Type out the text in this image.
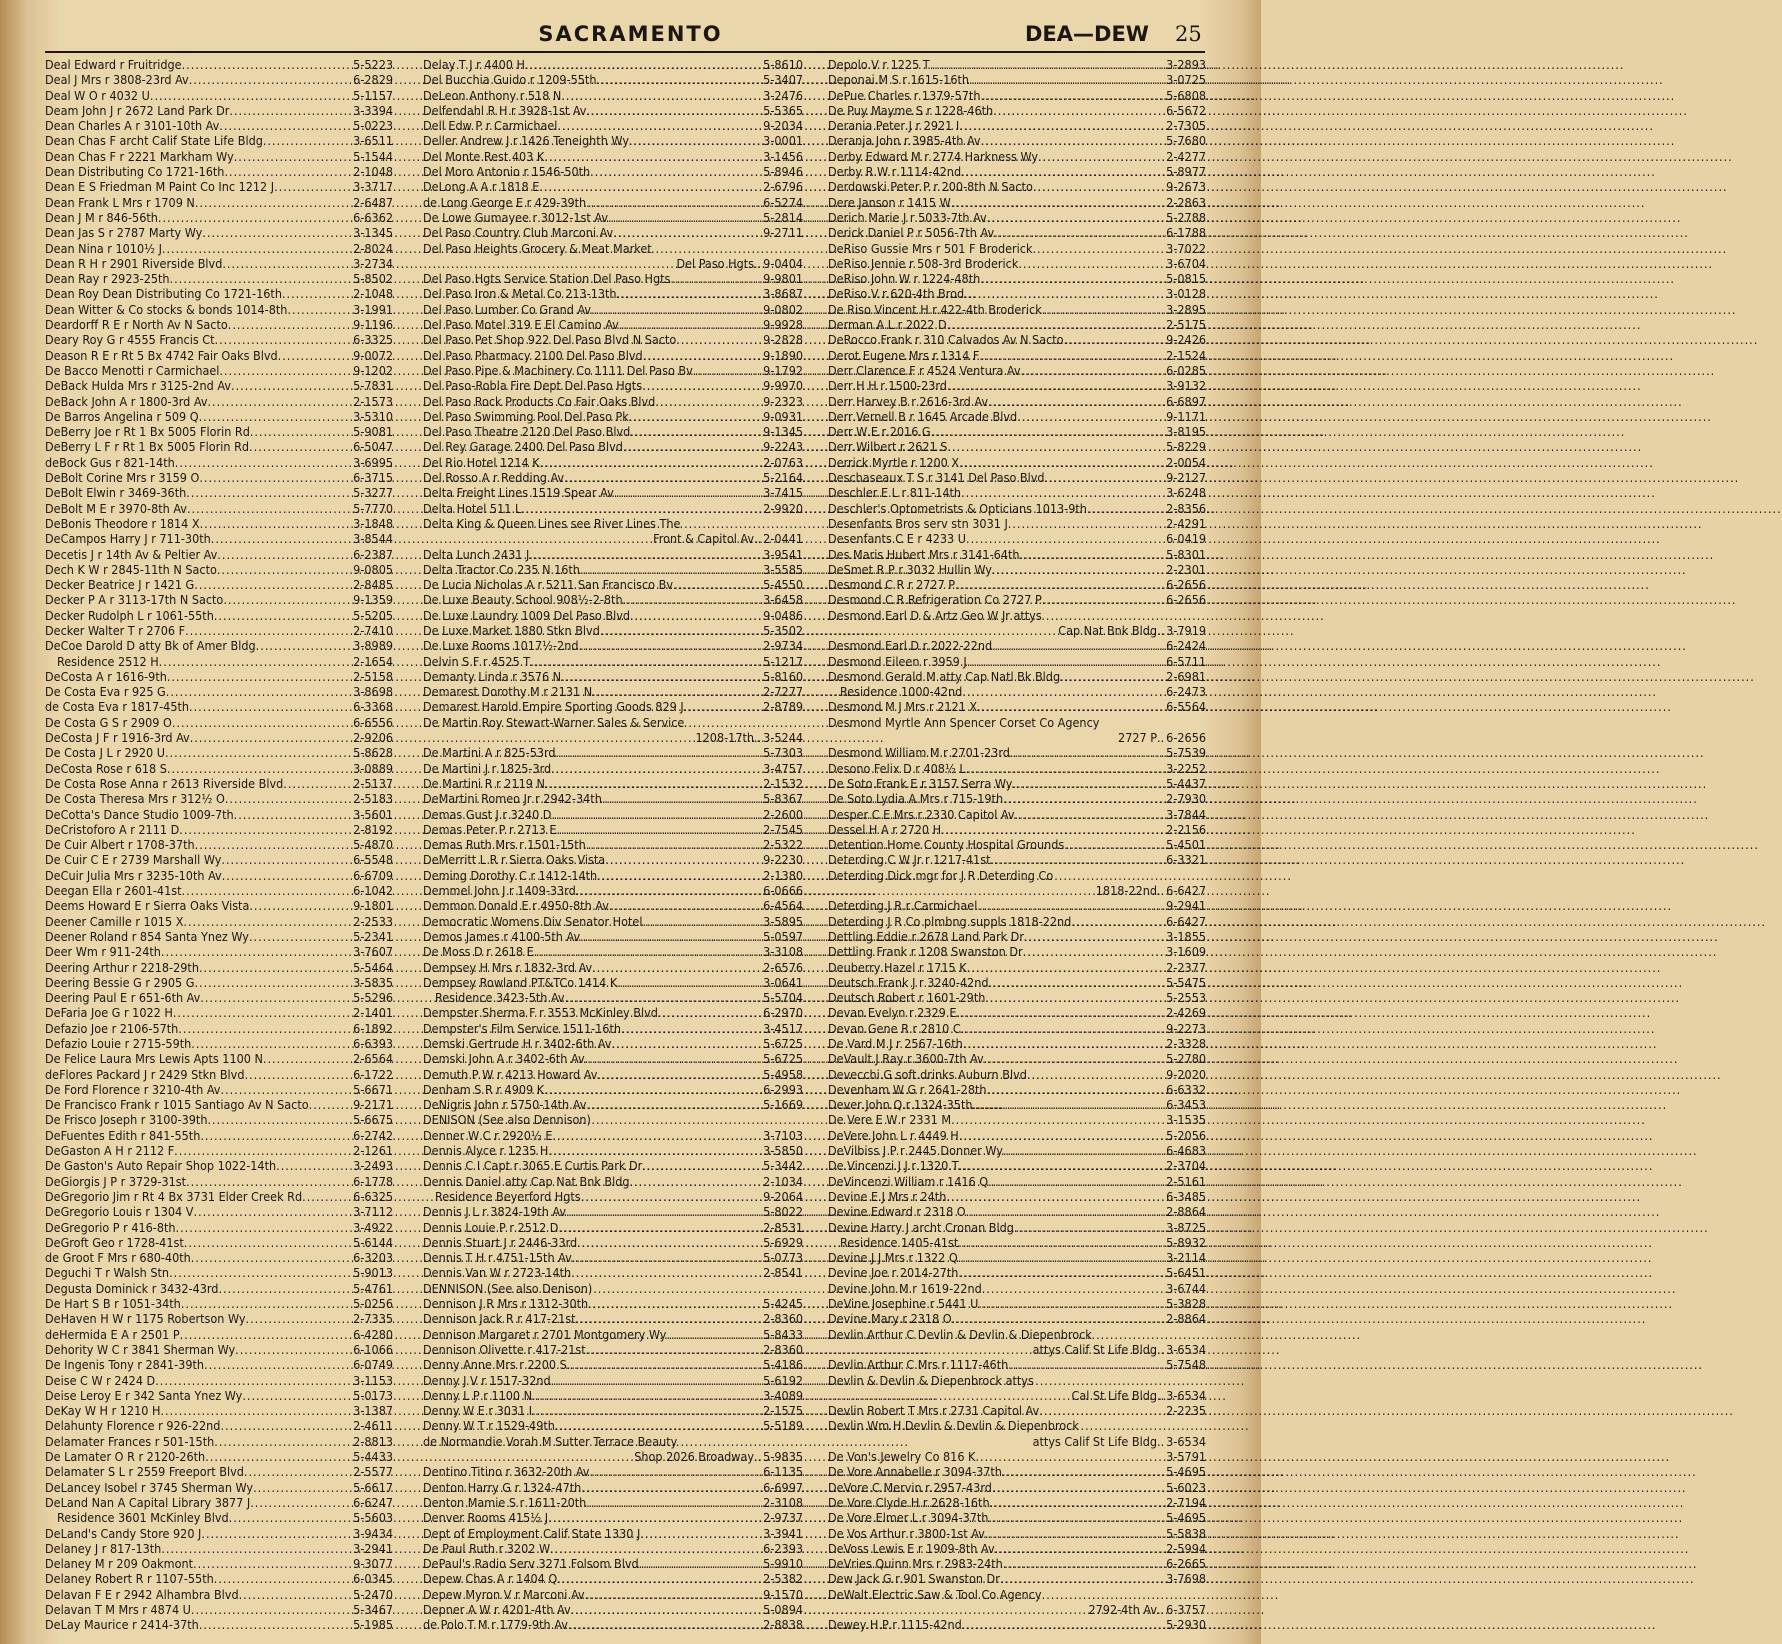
SACRAMENTO	DEA—DEW 25
Deal Edward r Fruitridge .....	5-5223
Deal J Mrs r 3808-23rd Av .....	6-2829
Deal W O r 4032 U .....	5-1157
Deam John J r 2672 Land Park Dr .....	3-3394
Dean Charles A r 3101-10th Av .....	5-0223
Dean Chas F archt Calif State Life Bldg .....	3-6511
Dean Chas F r 2221 Markham Wy .....	5-1544
Dean Distributing Co 1721-16th .....	2-1048
Dean E S Friedman M Paint Co Inc 1212 J .....	3-3717
Dean Frank L Mrs r 1709 N .....	2-6487
Dean J M r 846-56th .....	6-6362
Dean Jas S r 2787 Marty Wy .....	3-1345
Dean Nina r 1010½ J .....	2-8024
Dean R H r 2901 Riverside Blvd .....	3-2734
Dean Ray r 2923-25th .....	5-8502
Dean Roy Dean Distributing Co 1721-16th .....	2-1048
Dean Witter & Co stocks & bonds 1014-8th .....	3-1991
Deardorff R E r North Av N Sacto .....	9-1196
Deary Roy G r 4555 Francis Ct .....	6-3325
Deason R E r Rt 5 Bx 4742 Fair Oaks Blvd .....	9-0072
De Bacco Menotti r Carmichael .....	9-1202
DeBack Hulda Mrs r 3125-2nd Av .....	5-7831
DeBack John A r 1800-3rd Av .....	2-1573
De Barros Angelina r 509 Q .....	3-5310
DeBerry Joe r Rt 1 Bx 5005 Florin Rd .....	5-9081
DeBerry L F r Rt 1 Bx 5005 Florin Rd .....	6-5047
deBock Gus r 821-14th .....	3-6995
DeBolt Corine Mrs r 3159 O .....	6-3715
DeBolt Elwin r 3469-36th .....	5-3277
DeBolt M E r 3970-8th Av .....	5-7770
DeBonis Theodore r 1814 X .....	3-1848
DeCampos Harry J r 711-30th .....	3-8544
Decetis J r 14th Av & Peltier Av .....	6-2387
Dech K W r 2845-11th N Sacto .....	9-0805
Decker Beatrice J r 1421 G .....	2-8485
Decker P A r 3113-17th N Sacto .....	9-1359
Decker Rudolph L r 1061-55th .....	5-5205
Decker Walter T r 2706 F .....	2-7410
DeCoe Darold D atty Bk of Amer Bldg .....	3-8989
Residence 2512 H .....	2-1654
DeCosta A r 1616-9th .....	2-5158
De Costa Eva r 925 G .....	3-8698
de Costa Eva r 1817-45th .....	6-3368
De Costa G S r 2909 O .....	6-6556
DeCosta J F r 1916-3rd Av .....	2-9206
De Costa J L r 2920 U .....	5-8628
DeCosta Rose r 618 S .....	3-0889
De Costa Rose Anna r 2613 Riverside Blvd .....	2-5137
De Costa Theresa Mrs r 312½ O .....	2-5183
DeCotta's Dance Studio 1009-7th .....	3-5601
DeCristoforo A r 2111 D .....	2-8192
De Cuir Albert r 1708-37th .....	5-4870
De Cuir C E r 2739 Marshall Wy .....	6-5548
DeCuir Julia Mrs r 3235-10th Av .....	6-6709
Deegan Ella r 2601-41st .....	6-1042
Deems Howard E r Sierra Oaks Vista .....	9-1801
Deener Camille r 1015 X .....	2-2533
Deener Roland r 854 Santa Ynez Wy .....	5-2341
Deer Wm r 911-24th .....	3-7607
Deering Arthur r 2218-29th .....	5-5464
Deering Bessie G r 2905 G .....	3-5835
Deering Paul E r 651-6th Av .....	5-5296
DeFaria Joe G r 1022 H .....	2-1401
Defazio Joe r 2106-57th .....	6-1892
Defazio Louie r 2715-59th .....	6-6393
De Felice Laura Mrs Lewis Apts 1100 N .....	2-6564
deFlores Packard J r 2429 Stkn Blvd .....	6-1722
De Ford Florence r 3210-4th Av .....	5-6671
De Francisco Frank r 1015 Santiago Av N Sacto .....	9-2171
De Frisco Joseph r 3100-39th .....	5-6675
DeFuentes Edith r 841-55th .....	6-2742
DeGaston A H r 2112 F .....	2-1261
De Gaston's Auto Repair Shop 1022-14th .....	3-2493
DeGiorgis J P r 3729-31st .....	6-1778
DeGregorio Jim r Rt 4 Bx 3731 Elder Creek Rd .....	6-6325
DeGregorio Louis r 1304 V .....	3-7112
DeGregorio P r 416-8th .....	3-4922
DeGroft Geo r 1728-41st .....	5-6144
de Groot F Mrs r 680-40th .....	6-3203
Deguchi T r Walsh Stn .....	5-9013
Degusta Dominick r 3432-43rd .....	5-4761
De Hart S B r 1051-34th .....	5-0256
DeHaven H W r 1175 Robertson Wy .....	2-7335
deHermida E A r 2501 P .....	6-4280
Dehority W C r 3841 Sherman Wy .....	6-1066
De Ingenis Tony r 2841-39th .....	6-0749
Deise C W r 2424 D .....	3-1153
Deise Leroy E r 342 Santa Ynez Wy .....	5-0173
DeKay W H r 1210 H .....	3-1387
Delahunty Florence r 926-22nd .....	2-4611
Delamater Frances r 501-15th .....	2-8813
De Lamater O R r 2120-26th .....	5-4433
Delamater S L r 2559 Freeport Blvd .....	2-5577
DeLancey Isobel r 3745 Sherman Wy .....	5-6617
DeLand Nan A Capital Library 3877 J .....	6-6247
Residence 3601 McKinley Blvd .....	5-5603
DeLand's Candy Store 920 J .....	3-9434
Delaney J r 817-13th .....	3-2941
Delaney M r 209 Oakmont .....	9-3077
Delaney Robert R r 1107-55th .....	6-0345
Delavan F E r 2942 Alhambra Blvd .....	5-2470
Delavan T M Mrs r 4874 U .....	5-3467
DeLay Maurice r 2414-37th .....	5-1985
Delay T J r 4400 H .....	5-8610
Del Bucchia Guido r 1209-55th .....	5-3407
DeLeon Anthony r 518 N .....	3-2476
Delfendahl R H r 3928-1st Av .....	5-5365
Dell Edw P r Carmichael .....	9-2034
Deller Andrew J r 1426 Teneighth Wy .....	3-0001
Del Monte Rest 403 K .....	3-1456
Del Moro Antonio r 1546-50th .....	5-8946
DeLong A A r 1818 E .....	2-6796
de Long George E r 429-39th .....	6-5274
De Lowe Gumayee r 3012-1st Av .....	5-2814
Del Paso Country Club Marconi Av .....	9-2711
Del Paso Heights Grocery & Meat Market
Del Paso Hgts .. 9-0404
Del Paso Hgts Service Station Del Paso Hgts .....	9-9801
Del Paso Iron & Metal Co 213-13th .....	3-8687
Del Paso Lumber Co Grand Av .....	9-0802
Del Paso Motel 319 E El Camino Av .....	9-9928
Del Paso Pet Shop 922 Del Paso Blvd N Sacto .....	9-2828
Del Paso Pharmacy 2100 Del Paso Blvd .....	9-1890
Del Paso Pipe & Machinery Co 1111 Del Paso Bv .....	9-1792
Del Paso-Robla Fire Dept Del Paso Hgts .....	9-9970
Del Paso Rock Products Co Fair Oaks Blvd .....	9-2323
Del Paso Swimming Pool Del Paso Pk .....	9-0931
Del Paso Theatre 2120 Del Paso Blvd .....	9-1345
Del Rey Garage 2400 Del Paso Blvd .....	9-2243
Del Rio Hotel 1214 K .....	2-0763
Del Rosso A r Redding Av .....	5-2164
Delta Freight Lines 1519 Spear Av .....	3-7415
Delta Hotel 511 L .....	2-9920
Delta King & Queen Lines see River Lines The
Front & Capitol Av .. 2-0441
Delta Lunch 2431 J .....	3-9541
Delta Tractor Co 235 N 16th .....	3-5585
De Lucia Nicholas A r 5211 San Francisco Bv .....	5-4550
De Luxe Beauty School 908½-2-8th .....	3-6458
De Luxe Laundry 1009 Del Paso Blvd .....	9-0486
De Luxe Market 1880 Stkn Blvd .....	5-3502
De Luxe Rooms 1017½-2nd .....	2-9734
Delvin S F r 4525 T .....	5-1217
Demanty Linda r 3576 N .....	5-8160
Demarest Dorothy M r 2131 N .....	2-7277
Demarest Harold Empire Sporting Goods 829 J .....	2-8789
De Martin Roy Stewart-Warner Sales & Service
1208-17th .. 3-5244
De Martini A r 825-53rd .....	5-7303
De Martini J r 1825-3rd .....	3-4757
De Martini R r 2119 N .....	2-1532
DeMartini Romeo Jr r 2942-34th .....	5-8367
Demas Gust J r 3240 D .....	2-2600
Demas Peter P r 2713 E .....	2-7545
Demas Ruth Mrs r 1501-15th .....	2-5322
DeMerritt L R r Sierra Oaks Vista .....	9-2230
Deming Dorothy C r 1412-14th .....	2-1380
Demmel John J r 1409-33rd .....	6-0666
Demmon Donald E r 4950-8th Av .....	6-4564
Democratic Womens Div Senator Hotel .....	3-5895
Demos James r 4100-5th Av .....	5-0597
De Moss D r 2618 E .....	3-3108
Dempsey H Mrs r 1832-3rd Av .....	2-6576
Dempsey Rowland PT&TCo 1414 K .....	3-0641
Residence 3423-5th Av .....	5-5704
Dempster Sherma F r 3553 McKinley Blvd .....	6-2970
Dempster's Film Service 1511-16th .....	3-4517
Demski Gertrude H r 3402-6th Av .....	5-6725
Demski John A r 3402-6th Av .....	5-6725
Demuth P W r 4213 Howard Av .....	5-4958
Denham S R r 4909 K .....	6-2993
DeNigris John r 5750-14th Av .....	5-1669
DENISON (See also Dennison)
Denner W C r 2920½ E .....	3-7103
Dennis Alyce r 1235 H .....	3-5850
Dennis C I Capt r 3065 E Curtis Park Dr .....	5-3442
Dennis Daniel atty Cap Nat Bnk Bldg .....	2-1034
Residence Beyerford Hgts .....	9-2064
Dennis J L r 3824-19th Av .....	5-8022
Dennis Louie P r 2512 D .....	2-8531
Dennis Stuart J r 2446-33rd .....	5-6929
Dennis T H r 4751-15th Av .....	5-0773
Dennis Van W r 2723-14th .....	2-8541
DENNISON (See also Denison)
Dennison J R Mrs r 1312-30th .....	5-4245
Dennison Jack R r 417-21st .....	2-8360
Dennison Margaret r 2701 Montgomery Wy .....	5-8433
Dennison Olivette r 417-21st .....	2-8360
Denny Anne Mrs r 2200 S .....	5-4186
Denny J V r 1517-32nd .....	5-6192
Denny L P r 1100 N .....	3-4089
Denny W E r 3031 I .....	2-1575
Denny W T r 1529-49th .....	5-5189
de Normandie Vorah M Sutter Terrace Beauty
Shop 2026 Broadway .. 5-9835
Dentino Titino r 3632-20th Av .....	6-1135
Denton Harry G r 1324-47th .....	6-6997
Denton Mamie S r 1611-20th .....	2-3108
Denver Rooms 415½ J .....	2-9737
Dept of Employment Calif State 1330 J .....	3-3941
De Paul Ruth r 3202 W .....	6-2393
DePaul's Radio Serv 3271 Folsom Blvd .....	5-9910
Depew Chas A r 1404 Q .....	2-5382
Depew Myron V r Marconi Av .....	9-1570
Depner A W r 4201-4th Av .....	5-0894
de Polo T M r 1779-9th Av .....	2-8838
Depolo V r 1225 T .....	3-2893
Deponai M S r 1615-16th .....	3-0725
DePue Charles r 1379-57th .....	5-6808
De Puy Mayme S r 1228-46th .....	6-5672
Derania Peter J r 2921 I .....	2-7305
Deranja John r 3985-4th Av .....	5-7680
Derby Edward M r 2774 Harkness Wy .....	2-4277
Derby R W r 1114-42nd .....	5-8977
Derdowski Peter P r 200-8th N Sacto .....	9-2673
Dere Janson r 1415 W .....	2-2863
Derich Marie J r 5033-7th Av .....	5-2788
Derick Daniel P r 5056-7th Av .....	6-1788
DeRiso Gussie Mrs r 501 F Broderick .....	3-7022
DeRiso Jennie r 508-3rd Broderick .....	3-6704
DeRiso John W r 1224-48th .....	5-0815
DeRiso V r 620-4th Brod .....	3-0128
De Riso Vincent H r 422-4th Broderick .....	3-2895
Derman A L r 2022 D .....	2-5175
DeRocco Frank r 310 Calvados Av N Sacto .....	9-2426
Derot Eugene Mrs r 1314 F .....	2-1524
Derr Clarence F r 4524 Ventura Av .....	6-0285
Derr H H r 1500-23rd .....	3-9132
Derr Harvey B r 2616-3rd Av .....	6-6897
Derr Vernell B r 1645 Arcade Blvd .....	9-1171
Derr W E r 2016 G .....	3-8195
Derr Wilbert r 2621 S .....	5-8229
Derrick Myrtle r 1200 X .....	2-0054
Deschaseaux T S r 3141 Del Paso Blvd .....	9-2127
Deschler E L r 811-14th .....	3-6248
Deschler's Optometrists & Opticians 1013-9th .....	2-8356
Desenfants Bros serv stn 3031 J .....	2-4291
Desenfants C E r 4233 U .....	6-0419
Des Maris Hubert Mrs r 3141-64th .....	5-8301
DeSmet R P r 3032 Hullin Wy .....	2-2301
Desmond C R r 2727 P .....	6-2656
Desmond C R Refrigeration Co 2727 P .....	6-2656
Desmond Earl D & Artz Geo W Jr attys
Cap Nat Bnk Bldg .. 3-7919
Desmond Earl D r 2022-22nd .....	6-2424
Desmond Eileen r 3959 J .....	6-5711
Desmond Gerald M atty Cap Natl Bk Bldg .....	2-6981
Residence 1000-42nd .....	6-2473
Desmond M J Mrs r 2121 X .....	6-5564
Desmond Myrtle Ann Spencer Corset Co Agency
2727 P .. 6-2656
Desmond William M r 2701-23rd .....	5-7539
Desono Felix D r 408½ L .....	3-2252
De Soto Frank E r 3157 Serra Wy .....	5-4437
De Soto Lydia A Mrs r 715-19th .....	2-7930
Desper C E Mrs r 2330 Capitol Av .....	3-7844
Dessel H A r 2720 H .....	2-2156
Detention Home County Hospital Grounds .....	5-4501
Deterding C W Jr r 1217-41st .....	6-3321
Deterding Dick mgr for J R Deterding Co
1818-22nd .. 6-6427
Deterding J R r Carmichael .....	9-2941
Deterding J R Co plmbng suppls 1818-22nd .....	6-6427
Dettling Eddie r 2678 Land Park Dr .....	3-1855
Dettling Frank r 1208 Swanston Dr .....	3-1609
Deuberry Hazel r 1715 K .....	2-2377
Deutsch Frank J r 3240-42nd .....	5-5475
Deutsch Robert r 1601-29th .....	5-2553
Devan Evelyn r 2329 E .....	2-4269
Devan Gene R r 2810 C .....	9-2273
De Vard M J r 2567-16th .....	2-3328
DeVault J Ray r 3600-7th Av .....	5-2780
Devecchi G soft drinks Auburn Blvd .....	9-2020
Devenham W G r 2641-28th .....	6-6332
Dever John Q r 1324-35th .....	6-3453
De Vere E W r 2331 M .....	3-1535
DeVere John L r 4449 H .....	5-2056
DeVilbiss J P r 2445 Donner Wy .....	6-4683
De Vincenzi J J r 1320 T .....	2-3704
DeVincenzi William r 1416 Q .....	2-5161
Devine E J Mrs r 24th .....	6-3485
Devine Edward r 2318 O .....	2-8864
Devine Harry J archt Cronan Bldg .....	3-8725
Residence 1405-41st .....	5-8932
Devine J J Mrs r 1322 Q .....	3-2114
Devine Joe r 2014-27th .....	5-6451
Devine John M r 1619-22nd .....	3-6744
DeVine Josephine r 5441 U .....	5-3828
Devine Mary r 2318 O .....	2-8864
Devlin Arthur C Devlin & Devlin & Diepenbrock
attys Calif St Life Bldg .. 3-6534
Devlin Arthur C Mrs r 1117-46th .....	5-7548
Devlin & Devlin & Diepenbrock attys
Cal St Life Bldg .. 3-6534
Devlin Robert T Mrs r 2731 Capitol Av .....	2-2235
Devlin Wm H Devlin & Devlin & Diepenbrock
attys Calif St Life Bldg .. 3-6534
De Von's Jewelry Co 816 K .....	3-5791
De Vore Annabelle r 3094-37th .....	5-4695
DeVore C Mervin r 2957-43rd .....	5-6023
De Vore Clyde H r 2628-16th .....	2-7194
De Vore Elmer L r 3094-37th .....	5-4695
De Vos Arthur r 3800-1st Av .....	5-5838
DeVoss Lewis E r 1909-8th Av .....	2-5994
DeVries Quinn Mrs r 2983-24th .....	6-2665
Dew Jack G r 901 Swanston Dr .....	3-7698
DeWalt Electric Saw & Tool Co Agency
2792-4th Av .. 6-3757
Dewey H P r 1115-42nd .....	5-2930
